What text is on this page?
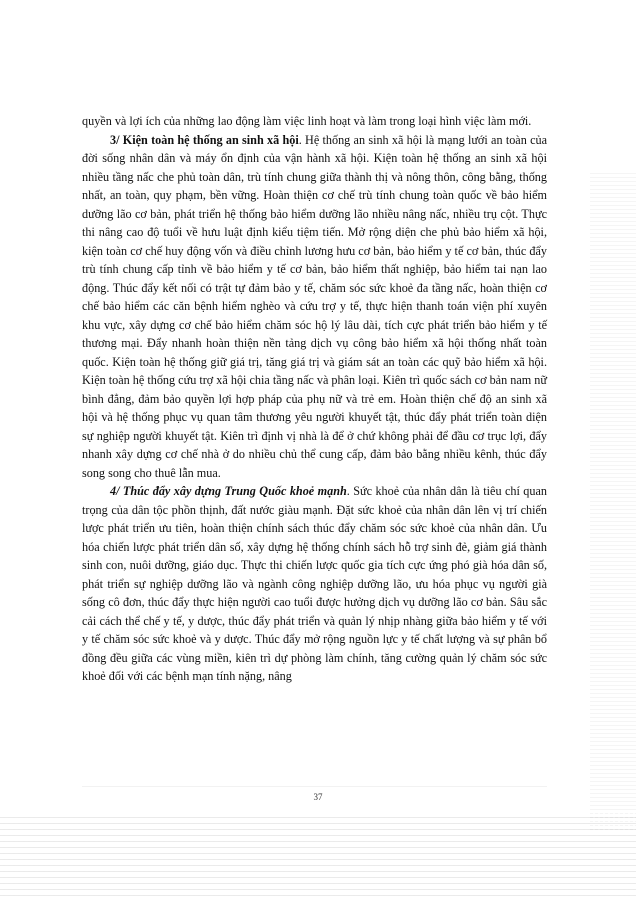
quyền và lợi ích của những lao động làm việc linh hoạt và làm trong loại hình việc làm mới.

3/ Kiện toàn hệ thống an sinh xã hội. Hệ thống an sinh xã hội là mạng lưới an toàn của đời sống nhân dân và máy ổn định của vận hành xã hội. Kiện toàn hệ thống an sinh xã hội nhiều tầng nấc che phủ toàn dân, trù tính chung giữa thành thị và nông thôn, công bằng, thống nhất, an toàn, quy phạm, bền vững. Hoàn thiện cơ chế trù tính chung toàn quốc về bảo hiểm dưỡng lão cơ bản, phát triển hệ thống bảo hiểm dưỡng lão nhiều nâng nấc, nhiều trụ cột. Thực thi nâng cao độ tuổi về hưu luật định kiểu tiệm tiến. Mở rộng diện che phủ bảo hiểm xã hội, kiện toàn cơ chế huy động vốn và điều chỉnh lương hưu cơ bản, bảo hiểm y tế cơ bản, thúc đẩy trù tính chung cấp tỉnh về bảo hiểm y tế cơ bản, bảo hiểm thất nghiệp, bảo hiểm tai nạn lao động. Thúc đẩy kết nối có trật tự đảm bảo y tế, chăm sóc sức khoẻ đa tầng nấc, hoàn thiện cơ chế bảo hiểm các căn bệnh hiểm nghèo và cứu trợ y tế, thực hiện thanh toán viện phí xuyên khu vực, xây dựng cơ chế bảo hiểm chăm sóc hộ lý lâu dài, tích cực phát triển bảo hiểm y tế thương mại. Đẩy nhanh hoàn thiện nền tảng dịch vụ công bảo hiểm xã hội thống nhất toàn quốc. Kiện toàn hệ thống giữ giá trị, tăng giá trị và giám sát an toàn các quỹ bảo hiểm xã hội. Kiện toàn hệ thống cứu trợ xã hội chia tầng nấc và phân loại. Kiên trì quốc sách cơ bản nam nữ bình đẳng, đảm bảo quyền lợi hợp pháp của phụ nữ và trẻ em. Hoàn thiện chế độ an sinh xã hội và hệ thống phục vụ quan tâm thương yêu người khuyết tật, thúc đẩy phát triển toàn diện sự nghiệp người khuyết tật. Kiên trì định vị nhà là để ở chứ không phải để đầu cơ trục lợi, đẩy nhanh xây dựng cơ chế nhà ở do nhiều chủ thể cung cấp, đảm bảo bằng nhiều kênh, thúc đẩy song song cho thuê lẫn mua.

4/ Thúc đẩy xây dựng Trung Quốc khoẻ mạnh. Sức khoẻ của nhân dân là tiêu chí quan trọng của dân tộc phồn thịnh, đất nước giàu mạnh. Đặt sức khoẻ của nhân dân lên vị trí chiến lược phát triển ưu tiên, hoàn thiện chính sách thúc đẩy chăm sóc sức khoẻ của nhân dân. Ưu hóa chiến lược phát triển dân số, xây dựng hệ thống chính sách hỗ trợ sinh đẻ, giảm giá thành sinh con, nuôi dưỡng, giáo dục. Thực thi chiến lược quốc gia tích cực ứng phó già hóa dân số, phát triển sự nghiệp dưỡng lão và ngành công nghiệp dưỡng lão, ưu hóa phục vụ người già sống cô đơn, thúc đẩy thực hiện người cao tuổi được hưởng dịch vụ dưỡng lão cơ bản. Sâu sắc cải cách thể chế y tế, y dược, thúc đẩy phát triển và quản lý nhịp nhàng giữa bảo hiểm y tế với y tế chăm sóc sức khoẻ và y dược. Thúc đẩy mở rộng nguồn lực y tế chất lượng và sự phân bổ đồng đều giữa các vùng miền, kiên trì dự phòng làm chính, tăng cường quản lý chăm sóc sức khoẻ đối với các bệnh mạn tính nặng, nâng

37
